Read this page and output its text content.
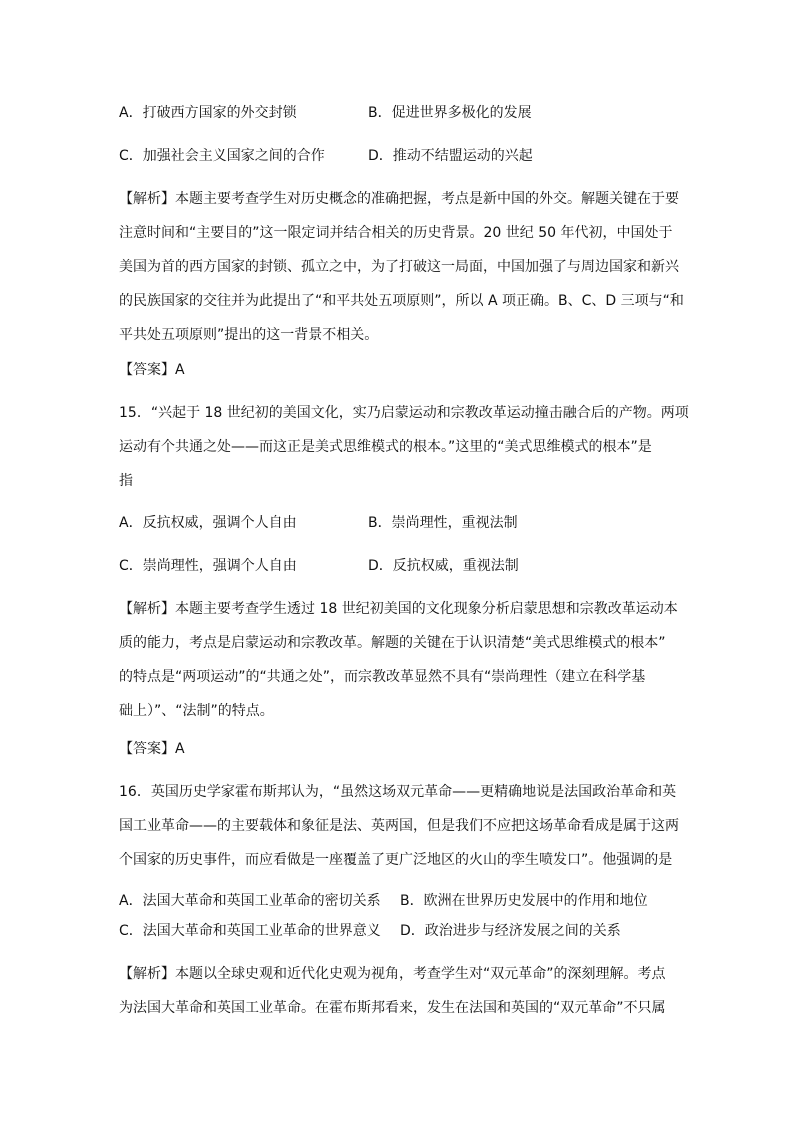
A．打破西方国家的外交封锁	B．促进世界多极化的发展
C．加强社会主义国家之间的合作	D．推动不结盟运动的兴起
【解析】本题主要考查学生对历史概念的准确把握，考点是新中国的外交。解题关键在于要
注意时间和“主要目的”这一限定词并结合相关的历史背景。20 世纪 50 年代初，中国处于
美国为首的西方国家的封锁、孤立之中，为了打破这一局面，中国加强了与周边国家和新兴
的民族国家的交往并为此提出了“和平共处五项原则”，所以 A 项正确。B、C、D 三项与“和
平共处五项原则”提出的这一背景不相关。
【答案】A
15．“兴起于 18 世纪初的美国文化，实乃启蒙运动和宗教改革运动撞击融合后的产物。两项
运动有个共通之处——而这正是美式思维模式的根本。”这里的“美式思维模式的根本”是
指
A．反抗权威，强调个人自由	B．崇尚理性，重视法制
C．崇尚理性，强调个人自由	D．反抗权威，重视法制
【解析】本题主要考查学生透过 18 世纪初美国的文化现象分析启蒙思想和宗教改革运动本
质的能力，考点是启蒙运动和宗教改革。解题的关键在于认识清楚“美式思维模式的根本”
的特点是“两项运动”的“共通之处”，而宗教改革显然不具有“崇尚理性（建立在科学基
础上）”、“法制”的特点。
【答案】A
16．英国历史学家霍布斯邦认为，“虽然这场双元革命——更精确地说是法国政治革命和英
国工业革命——的主要载体和象征是法、英两国，但是我们不应把这场革命看成是属于这两
个国家的历史事件，而应看做是一座覆盖了更广泛地区的火山的孪生喷发口”。他强调的是
A．法国大革命和英国工业革命的密切关系 B．欧洲在世界历史发展中的作用和地位
C．法国大革命和英国工业革命的世界意义 D．政治进步与经济发展之间的关系
【解析】本题以全球史观和近代化史观为视角，考查学生对“双元革命”的深刻理解。考点
为法国大革命和英国工业革命。在霍布斯邦看来，发生在法国和英国的“双元革命”不只属
